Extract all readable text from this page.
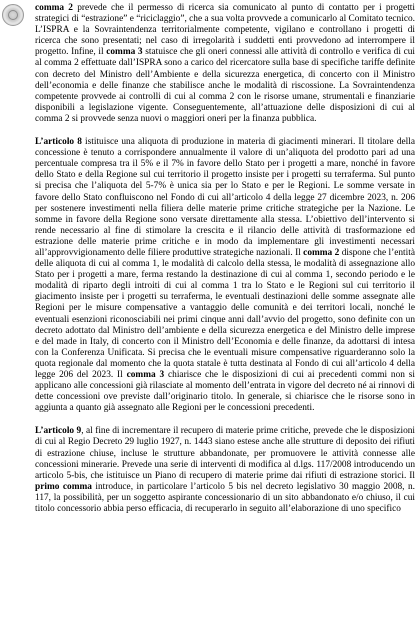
comma 2 prevede che il permesso di ricerca sia comunicato al punto di contatto per i progetti strategici di “estrazione” e “riciclaggio”, che a sua volta provvede a comunicarlo al Comitato tecnico. L’ISPRA e la Sovraintendenza territorialmente competente, vigilano e controllano i progetti di ricerca che sono presentati; nel caso di irregolarità i suddetti enti provvedono ad interrompere il progetto. Infine, il comma 3 statuisce che gli oneri connessi alle attività di controllo e verifica di cui al comma 2 effettuate dall’ISPRA sono a carico del ricercatore sulla base di specifiche tariffe definite con decreto del Ministro dell’Ambiente e della sicurezza energetica, di concerto con il Ministro dell’economia e delle finanze che stabilisce anche le modalità di riscossione. La Sovraintendenza competente provvede ai controlli di cui al comma 2 con le risorse umane, strumentali e finanziarie disponibili a legislazione vigente. Conseguentemente, all’attuazione delle disposizioni di cui al comma 2 si provvede senza nuovi o maggiori oneri per la finanza pubblica.

L’articolo 8 istituisce una aliquota di produzione in materia di giacimenti minerari. Il titolare della concessione è tenuto a corrispondere annualmente il valore di un’aliquota del prodotto pari ad una percentuale compresa tra il 5% e il 7% in favore dello Stato per i progetti a mare, nonché in favore dello Stato e della Regione sul cui territorio il progetto insiste per i progetti su terraferma. Sul punto si precisa che l’aliquota del 5-7% è unica sia per lo Stato e per le Regioni. Le somme versate in favore dello Stato confluiscono nel Fondo di cui all’articolo 4 della legge 27 dicembre 2023, n. 206 per sostenere investimenti nella filiera delle materie prime critiche strategiche per la Nazione. Le somme in favore della Regione sono versate direttamente alla stessa. L’obiettivo dell’intervento si rende necessario al fine di stimolare la crescita e il rilancio delle attività di trasformazione ed estrazione delle materie prime critiche e in modo da implementare gli investimenti necessari all’approvvigionamento delle filiere produttive strategiche nazionali. Il comma 2 dispone che l’entità delle aliquota di cui al comma 1, le modalità di calcolo della stessa, le modalità di assegnazione allo Stato per i progetti a mare, ferma restando la destinazione di cui al comma 1, secondo periodo e le modalità di riparto degli introiti di cui al comma 1 tra lo Stato e le Regioni sul cui territorio il giacimento insiste per i progetti su terraferma, le eventuali destinazioni delle somme assegnate alle Regioni per le misure compensative a vantaggio delle comunità e dei territori locali, nonché le eventuali esenzioni riconosciabili nei primi cinque anni dall’avvio del progetto, sono definite con un decreto adottato dal Ministro dell’ambiente e della sicurezza energetica e del Ministro delle imprese e del made in Italy, di concerto con il Ministro dell’Economia e delle finanze, da adottarsi di intesa con la Conferenza Unificata. Si precisa che le eventuali misure compensative riguarderanno solo la quota regionale dal momento che la quota statale è tutta destinata al Fondo di cui all’articolo 4 della legge 206 del 2023. Il comma 3 chiarisce che le disposizioni di cui ai precedenti commi non si applicano alle concessioni già rilasciate al momento dell’entrata in vigore del decreto né ai rinnovi di dette concessioni ove previste dall’originario titolo. In generale, si chiarisce che le risorse sono in aggiunta a quanto già assegnato alle Regioni per le concessioni precedenti.

L’articolo 9, al fine di incrementare il recupero di materie prime critiche, prevede che le disposizioni di cui al Regio Decreto 29 luglio 1927, n. 1443 siano estese anche alle strutture di deposito dei rifiuti di estrazione chiuse, incluse le strutture abbandonate, per promuovere le attività connesse alle concessioni minerarie. Prevede una serie di interventi di modifica al d.lgs. 117/2008 introducendo un articolo 5-bis, che istituisce un Piano di recupero di materie prime dai rifiuti di estrazione storici. Il primo comma introduce, in particolare l’articolo 5 bis nel decreto legislativo 30 maggio 2008, n. 117, la possibilità, per un soggetto aspirante concessionario di un sito abbandonato e/o chiuso, il cui titolo concessorio abbia perso efficacia, di recuperarlo in seguito all’elaborazione di uno specifico
